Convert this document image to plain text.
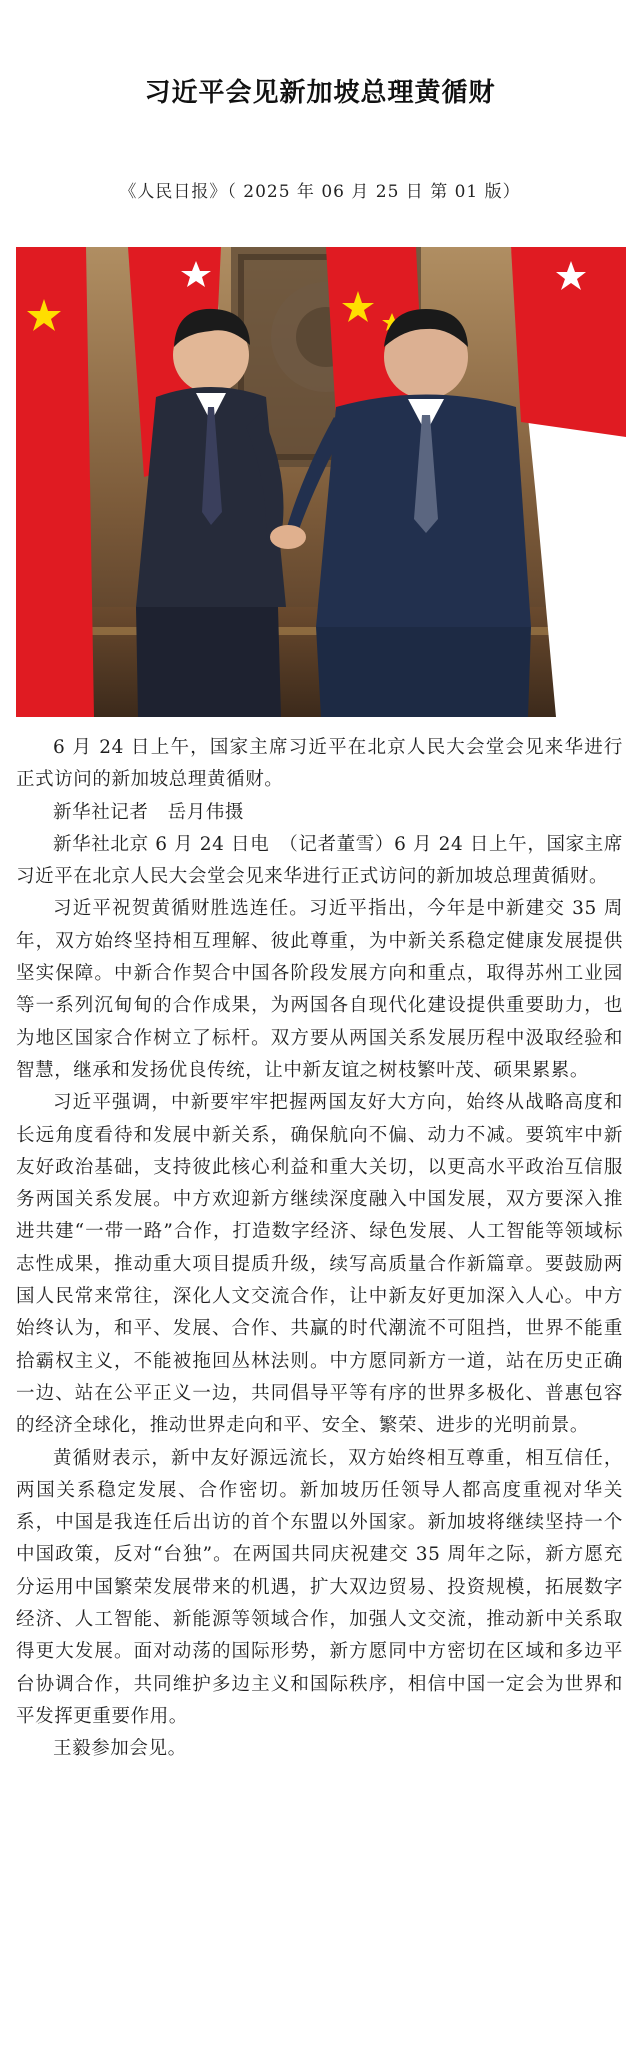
习近平会见新加坡总理黄循财
《人民日报》（ 2025 年 06 月 25 日 第 01 版）

6 月 24 日上午，国家主席习近平在北京人民大会堂会见来华进行正式访问的新加坡总理黄循财。

新华社记者　岳月伟摄

新华社北京 6 月 24 日电　（记者董雪）6 月 24 日上午，国家主席习近平在北京人民大会堂会见来华进行正式访问的新加坡总理黄循财。

习近平祝贺黄循财胜选连任。习近平指出，今年是中新建交 35 周年，双方始终坚持相互理解、彼此尊重，为中新关系稳定健康发展提供坚实保障。中新合作契合中国各阶段发展方向和重点，取得苏州工业园等一系列沉甸甸的合作成果，为两国各自现代化建设提供重要助力，也为地区国家合作树立了标杆。双方要从两国关系发展历程中汲取经验和智慧，继承和发扬优良传统，让中新友谊之树枝繁叶茂、硕果累累。

习近平强调，中新要牢牢把握两国友好大方向，始终从战略高度和长远角度看待和发展中新关系，确保航向不偏、动力不减。要筑牢中新友好政治基础，支持彼此核心利益和重大关切，以更高水平政治互信服务两国关系发展。中方欢迎新方继续深度融入中国发展，双方要深入推进共建“一带一路”合作，打造数字经济、绿色发展、人工智能等领域标志性成果，推动重大项目提质升级，续写高质量合作新篇章。要鼓励两国人民常来常往，深化人文交流合作，让中新友好更加深入人心。中方始终认为，和平、发展、合作、共赢的时代潮流不可阻挡，世界不能重拾霸权主义，不能被拖回丛林法则。中方愿同新方一道，站在历史正确一边、站在公平正义一边，共同倡导平等有序的世界多极化、普惠包容的经济全球化，推动世界走向和平、安全、繁荣、进步的光明前景。

黄循财表示，新中友好源远流长，双方始终相互尊重，相互信任，两国关系稳定发展、合作密切。新加坡历任领导人都高度重视对华关系，中国是我连任后出访的首个东盟以外国家。新加坡将继续坚持一个中国政策，反对“台独”。在两国共同庆祝建交 35 周年之际，新方愿充分运用中国繁荣发展带来的机遇，扩大双边贸易、投资规模，拓展数字经济、人工智能、新能源等领域合作，加强人文交流，推动新中关系取得更大发展。面对动荡的国际形势，新方愿同中方密切在区域和多边平台协调合作，共同维护多边主义和国际秩序，相信中国一定会为世界和平发挥更重要作用。

王毅参加会见。
